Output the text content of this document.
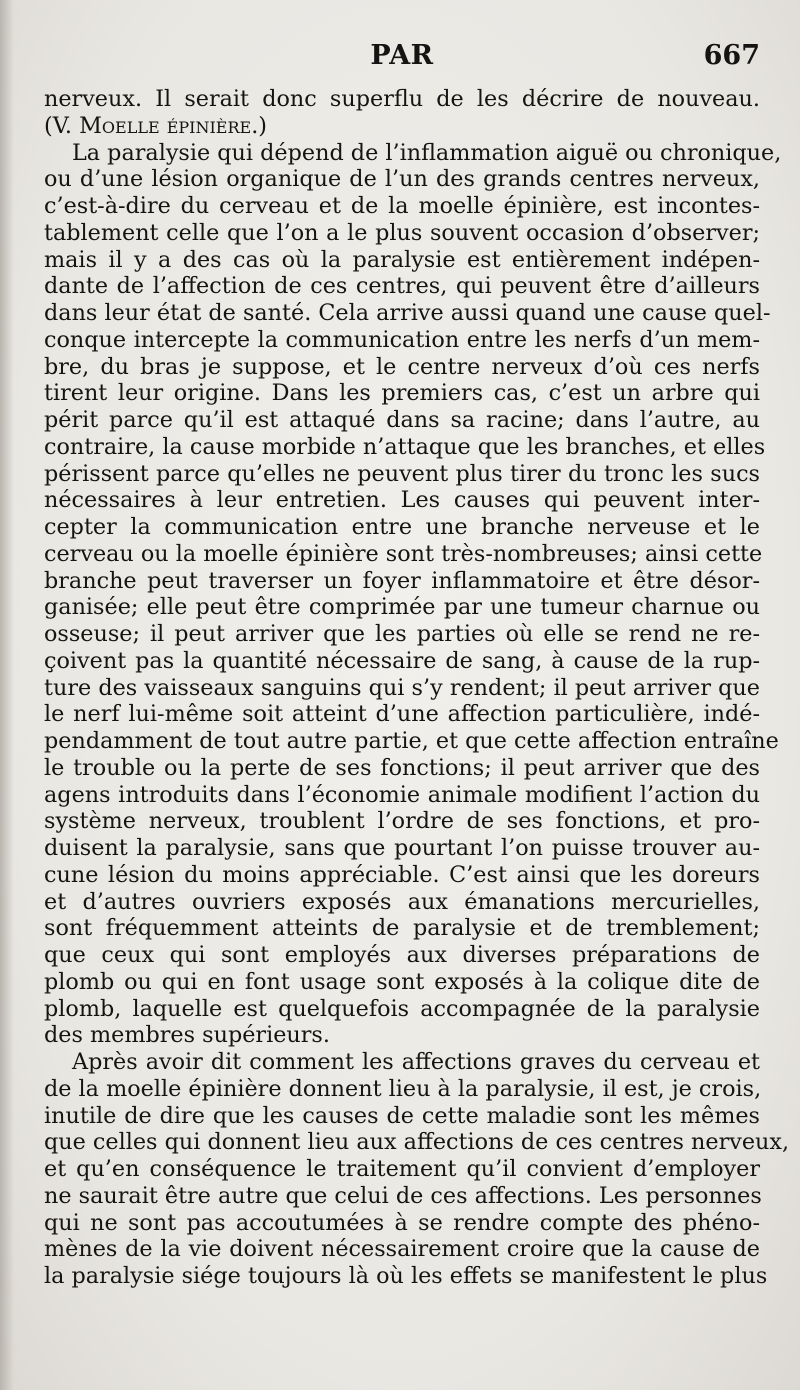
PAR	667
nerveux. Il serait donc superflu de les décrire de nouveau.
(V. Moelle épinière.)
La paralysie qui dépend de l’inflammation aiguë ou chronique,
ou d’une lésion organique de l’un des grands centres nerveux,
c’est-à-dire du cerveau et de la moelle épinière, est incontes-
tablement celle que l’on a le plus souvent occasion d’observer;
mais il y a des cas où la paralysie est entièrement indépen-
dante de l’affection de ces centres, qui peuvent être d’ailleurs
dans leur état de santé. Cela arrive aussi quand une cause quel-
conque intercepte la communication entre les nerfs d’un mem-
bre, du bras je suppose, et le centre nerveux d’où ces nerfs
tirent leur origine. Dans les premiers cas, c’est un arbre qui
périt parce qu’il est attaqué dans sa racine; dans l’autre, au
contraire, la cause morbide n’attaque que les branches, et elles
périssent parce qu’elles ne peuvent plus tirer du tronc les sucs
nécessaires à leur entretien. Les causes qui peuvent inter-
cepter la communication entre une branche nerveuse et le
cerveau ou la moelle épinière sont très-nombreuses; ainsi cette
branche peut traverser un foyer inflammatoire et être désor-
ganisée; elle peut être comprimée par une tumeur charnue ou
osseuse; il peut arriver que les parties où elle se rend ne re-
çoivent pas la quantité nécessaire de sang, à cause de la rup-
ture des vaisseaux sanguins qui s’y rendent; il peut arriver que
le nerf lui-même soit atteint d’une affection particulière, indé-
pendamment de tout autre partie, et que cette affection entraîne
le trouble ou la perte de ses fonctions; il peut arriver que des
agens introduits dans l’économie animale modifient l’action du
système nerveux, troublent l’ordre de ses fonctions, et pro-
duisent la paralysie, sans que pourtant l’on puisse trouver au-
cune lésion du moins appréciable. C’est ainsi que les doreurs
et d’autres ouvriers exposés aux émanations mercurielles,
sont fréquemment atteints de paralysie et de tremblement;
que ceux qui sont employés aux diverses préparations de
plomb ou qui en font usage sont exposés à la colique dite de
plomb, laquelle est quelquefois accompagnée de la paralysie
des membres supérieurs.
Après avoir dit comment les affections graves du cerveau et
de la moelle épinière donnent lieu à la paralysie, il est, je crois,
inutile de dire que les causes de cette maladie sont les mêmes
que celles qui donnent lieu aux affections de ces centres nerveux,
et qu’en conséquence le traitement qu’il convient d’employer
ne saurait être autre que celui de ces affections. Les personnes
qui ne sont pas accoutumées à se rendre compte des phéno-
mènes de la vie doivent nécessairement croire que la cause de
la paralysie siége toujours là où les effets se manifestent le plus
